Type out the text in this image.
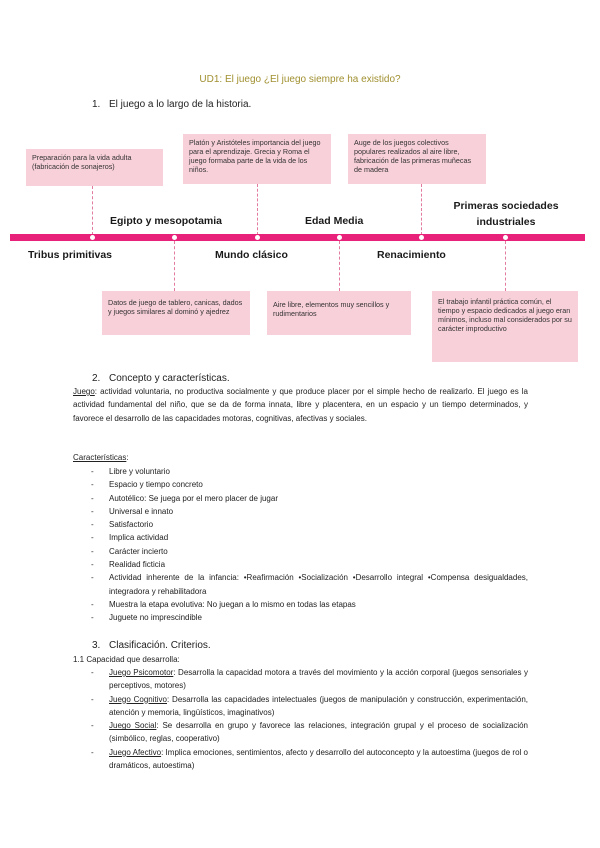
UD1: El juego ¿El juego siempre ha existido?
1. El juego a lo largo de la historia.
Preparación para la vida adulta (fabricación de sonajeros)
Platón y Aristóteles importancia del juego para el aprendizaje. Grecia y Roma el juego formaba parte de la vida de los niños.
Auge de los juegos colectivos populares realizados al aire libre, fabricación de las primeras muñecas de madera
Egipto y mesopotamia	Edad Media
Primeras sociedades industriales
Tribus primitivas	Mundo clásico	Renacimiento
Datos de juego de tablero, canicas, dados y juegos similares al dominó y ajedrez
Aire libre, elementos muy sencillos y rudimentarios
El trabajo infantil práctica común, el tiempo y espacio dedicados al juego eran mínimos, incluso mal considerados por su carácter improductivo
2. Concepto y características.
Juego: actividad voluntaria, no productiva socialmente y que produce placer por el simple hecho de realizarlo. El juego es la actividad fundamental del niño, que se da de forma innata, libre y placentera, en un espacio y un tiempo determinados, y favorece el desarrollo de las capacidades motoras, cognitivas, afectivas y sociales.
Características:
- Libre y voluntario
- Espacio y tiempo concreto
- Autotélico: Se juega por el mero placer de jugar
- Universal e innato
- Satisfactorio
- Implica actividad
- Carácter incierto
- Realidad ficticia
- Actividad inherente de la infancia: •Reafirmación •Socialización •Desarrollo integral •Compensa desigualdades, integradora y rehabilitadora
- Muestra la etapa evolutiva: No juegan a lo mismo en todas las etapas
- Juguete no imprescindible
3. Clasificación. Criterios.
1.1 Capacidad que desarrolla:
- Juego Psicomotor: Desarrolla la capacidad motora a través del movimiento y la acción corporal (juegos sensoriales y perceptivos, motores)
- Juego Cognitivo: Desarrolla las capacidades intelectuales (juegos de manipulación y construcción, experimentación, atención y memoria, lingüísticos, imaginativos)
- Juego Social: Se desarrolla en grupo y favorece las relaciones, integración grupal y el proceso de socialización (simbólico, reglas, cooperativo)
- Juego Afectivo: Implica emociones, sentimientos, afecto y desarrollo del autoconcepto y la autoestima (juegos de rol o dramáticos, autoestima)
